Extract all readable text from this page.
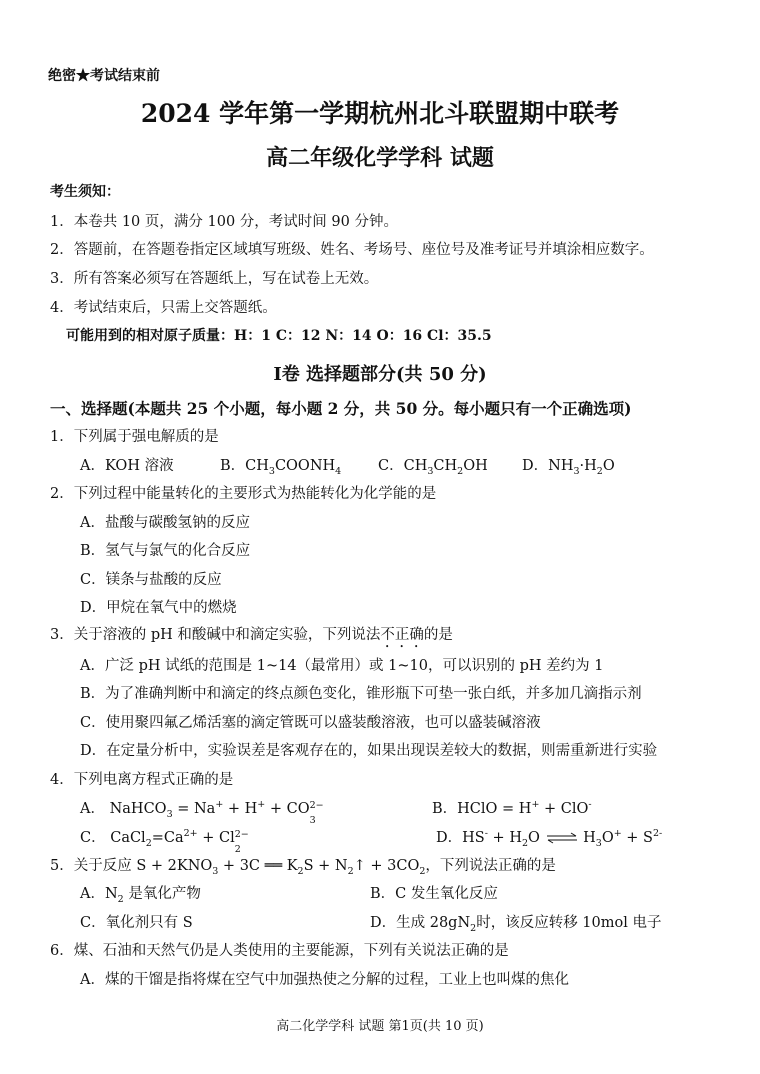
绝密★考试结束前
2024 学年第一学期杭州北斗联盟期中联考
高二年级化学学科 试题
考生须知：
1．本卷共 10 页，满分 100 分，考试时间 90 分钟。
2．答题前，在答题卷指定区域填写班级、姓名、考场号、座位号及准考证号并填涂相应数字。
3．所有答案必须写在答题纸上，写在试卷上无效。
4．考试结束后，只需上交答题纸。
可能用到的相对原子质量：H：1 C：12 N：14 O：16 Cl：35.5
I卷 选择题部分(共 50 分)
一、选择题(本题共 25 个小题，每小题 2 分，共 50 分。每小题只有一个正确选项)
1．下列属于强电解质的是
A．KOH 溶液	B．$CH_3COONH_4$	C．$CH_3CH_2OH$ D．$NH_3\cdot H_2O$
2．下列过程中能量转化的主要形式为热能转化为化学能的是
A．盐酸与碳酸氢钠的反应
B．氢气与氯气的化合反应
C．镁条与盐酸的反应
D．甲烷在氧气中的燃烧
3．关于溶液的 pH 和酸碱中和滴定实验，下列说法不正确的是
A．广泛 pH 试纸的范围是 1~14（最常用）或 1~10，可以识别的 pH 差约为 1
B．为了准确判断中和滴定的终点颜色变化，锥形瓶下可垫一张白纸，并多加几滴指示剂
C．使用聚四氟乙烯活塞的滴定管既可以盛装酸溶液，也可以盛装碱溶液
D．在定量分析中，实验误差是客观存在的，如果出现误差较大的数据，则需重新进行实验
4．下列电离方程式正确的是
A． NaHCO$_3$ = Na+ + H+ + CO 2−
3
B．HClO = H+ + ClO-
C． $CaCl_2=Ca^{2+} + Cl$ 2−
2
D．$HS^- + H_2O$ ⇌ $H_3O^+ + S^{2-}$
5．关于反应 $S + 2KNO_3 + 3C$ ══ $K_2S$ + $N_2↑ + 3CO_2$，下列说法正确的是
A．$N_2$ 是氧化产物	B．C 发生氧化反应
C．氧化剂只有 S	D．生成 $28gN_2$时，该反应转移 10mol 电子
6．煤、石油和天然气仍是人类使用的主要能源，下列有关说法正确的是
A．煤的干馏是指将煤在空气中加强热使之分解的过程，工业上也叫煤的焦化
高二化学学科 试题 第1页(共 10 页)
